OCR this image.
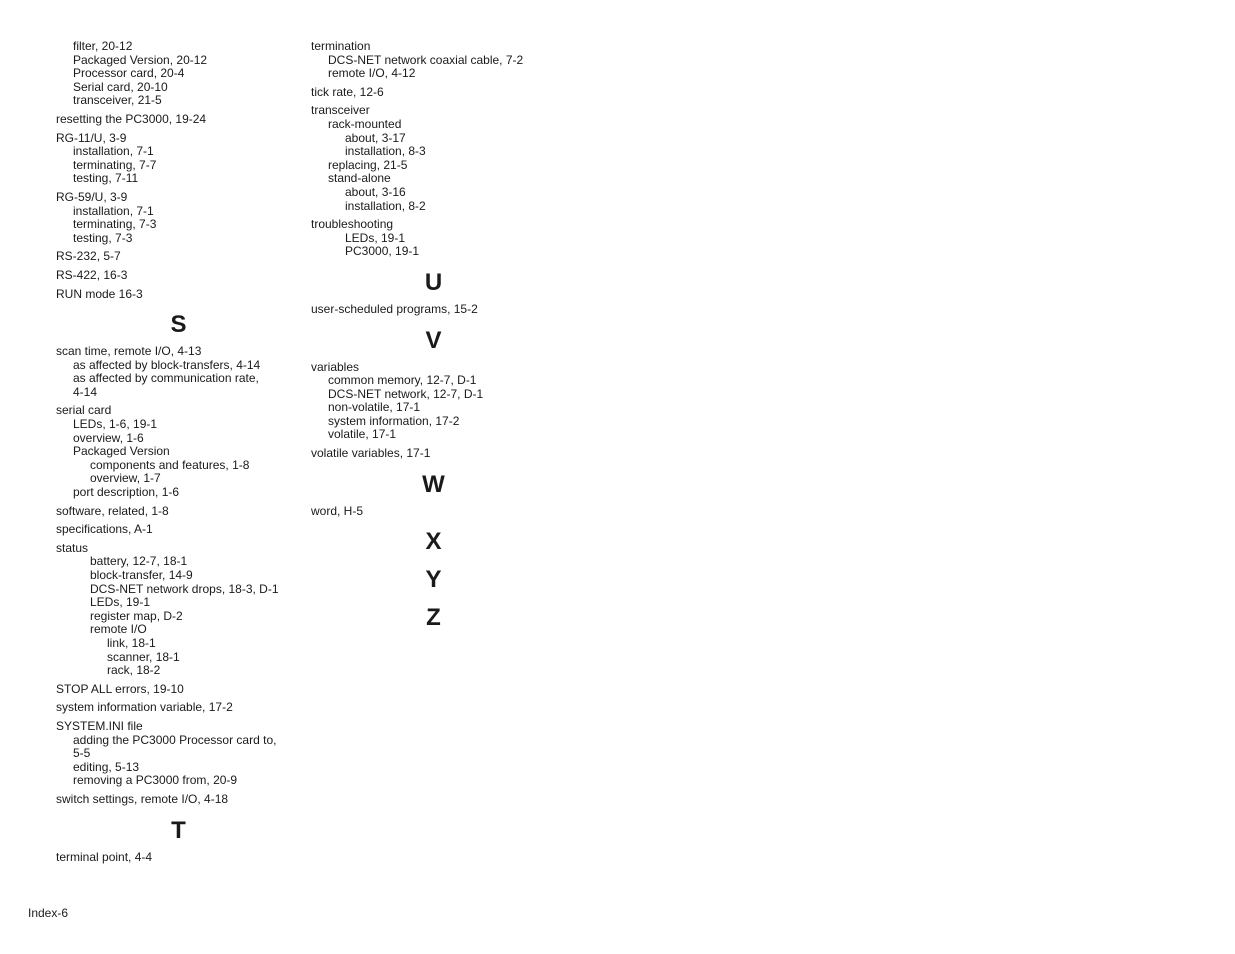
filter, 20-12
Packaged Version, 20-12
Processor card, 20-4
Serial card, 20-10
transceiver, 21-5
resetting the PC3000, 19-24
RG-11/U, 3-9
installation, 7-1
terminating, 7-7
testing, 7-11
RG-59/U, 3-9
installation, 7-1
terminating, 7-3
testing, 7-3
RS-232, 5-7
RS-422, 16-3
RUN mode 16-3
S
scan time, remote I/O, 4-13
as affected by block-transfers, 4-14
as affected by communication rate,
4-14
serial card
LEDs, 1-6, 19-1
overview, 1-6
Packaged Version
components and features, 1-8
overview, 1-7
port description, 1-6
software, related, 1-8
specifications, A-1
status
battery, 12-7, 18-1
block-transfer, 14-9
DCS-NET network drops, 18-3, D-1
LEDs, 19-1
register map, D-2
remote I/O
link, 18-1
scanner, 18-1
rack, 18-2
STOP ALL errors, 19-10
system information variable, 17-2
SYSTEM.INI file
adding the PC3000 Processor card to,
5-5
editing, 5-13
removing a PC3000 from, 20-9
switch settings, remote I/O, 4-18
T
terminal point, 4-4
termination
DCS-NET network coaxial cable, 7-2
remote I/O, 4-12
tick rate, 12-6
transceiver
rack-mounted
about, 3-17
installation, 8-3
replacing, 21-5
stand-alone
about, 3-16
installation, 8-2
troubleshooting
LEDs, 19-1
PC3000, 19-1
U
user-scheduled programs, 15-2
V
variables
common memory, 12-7, D-1
DCS-NET network, 12-7, D-1
non-volatile, 17-1
system information, 17-2
volatile, 17-1
volatile variables, 17-1
W
word, H-5
X
Y
Z
Index-6
